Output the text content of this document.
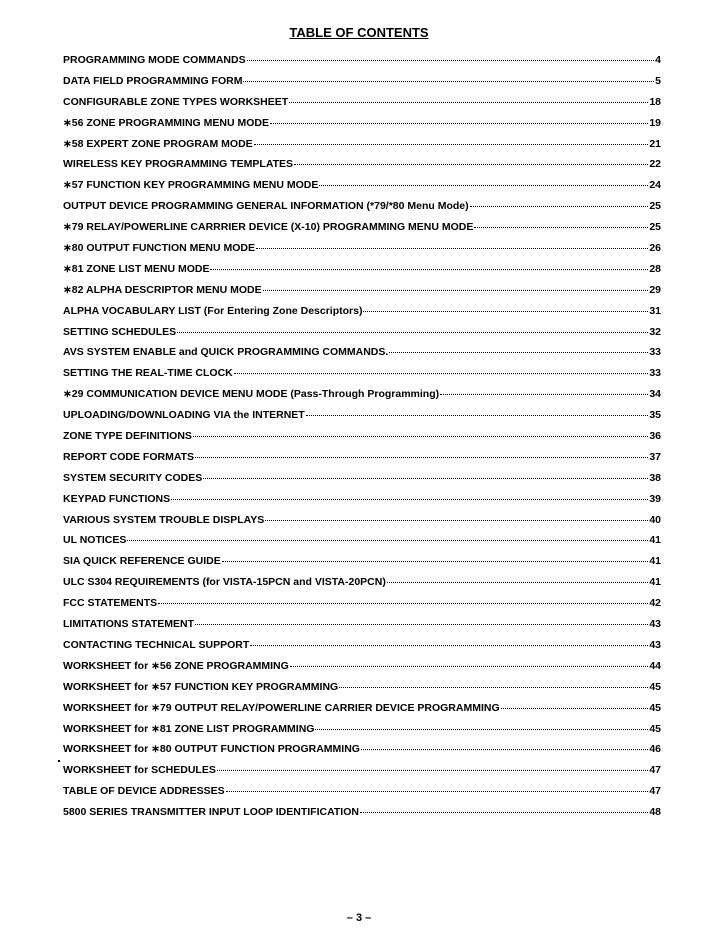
TABLE OF CONTENTS
PROGRAMMING MODE COMMANDS	4
DATA FIELD PROGRAMMING FORM	5
CONFIGURABLE ZONE TYPES WORKSHEET	18
∗56 ZONE PROGRAMMING MENU MODE	19
∗58 EXPERT ZONE PROGRAM MODE	21
WIRELESS KEY PROGRAMMING TEMPLATES	22
∗57 FUNCTION KEY PROGRAMMING MENU MODE	24
OUTPUT DEVICE PROGRAMMING GENERAL INFORMATION (*79/*80 Menu Mode)	25
∗79 RELAY/POWERLINE CARRRIER DEVICE (X-10) PROGRAMMING MENU MODE	25
∗80 OUTPUT FUNCTION MENU MODE	26
∗81 ZONE LIST MENU MODE	28
∗82 ALPHA DESCRIPTOR MENU MODE	29
ALPHA VOCABULARY LIST (For Entering Zone Descriptors)	31
SETTING SCHEDULES	32
AVS SYSTEM ENABLE and QUICK PROGRAMMING COMMANDS.	33
SETTING THE REAL-TIME CLOCK	33
∗29 COMMUNICATION DEVICE MENU MODE (Pass-Through Programming)	34
UPLOADING/DOWNLOADING VIA the INTERNET	35
ZONE TYPE DEFINITIONS	36
REPORT CODE FORMATS	37
SYSTEM SECURITY CODES	38
KEYPAD FUNCTIONS	39
VARIOUS SYSTEM TROUBLE DISPLAYS	40
UL NOTICES	41
SIA QUICK REFERENCE GUIDE	41
ULC S304 REQUIREMENTS (for VISTA-15PCN and VISTA-20PCN)	41
FCC STATEMENTS	42
LIMITATIONS STATEMENT	43
CONTACTING TECHNICAL SUPPORT	43
WORKSHEET for ∗56 ZONE PROGRAMMING	44
WORKSHEET for ∗57 FUNCTION KEY PROGRAMMING	45
WORKSHEET for ∗79 OUTPUT RELAY/POWERLINE CARRIER DEVICE PROGRAMMING	45
WORKSHEET for ∗81 ZONE LIST PROGRAMMING	45
WORKSHEET for ∗80 OUTPUT FUNCTION PROGRAMMING	46
WORKSHEET for SCHEDULES	47
TABLE OF DEVICE ADDRESSES	47
5800 SERIES TRANSMITTER INPUT LOOP IDENTIFICATION	48
– 3 –
